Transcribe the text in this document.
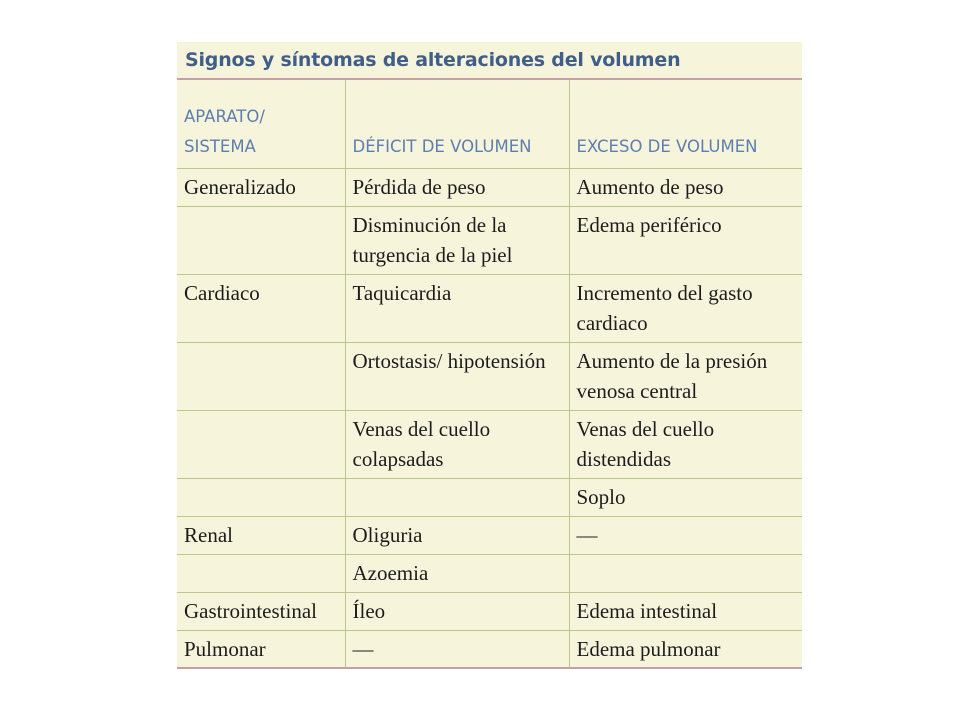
Signos y síntomas de alteraciones del volumen
APARATO/
SISTEMA	DÉFICIT DE VOLUMEN	EXCESO DE VOLUMEN
Generalizado	Pérdida de peso	Aumento de peso
	Disminución de la turgencia de la piel	Edema periférico
Cardiaco	Taquicardia	Incremento del gasto cardiaco
	Ortostasis/ hipotensión	Aumento de la presión venosa central
	Venas del cuello colapsadas	Venas del cuello distendidas
		Soplo
Renal	Oliguria	—
	Azoemia	
Gastrointestinal	Íleo	Edema intestinal
Pulmonar	—	Edema pulmonar
